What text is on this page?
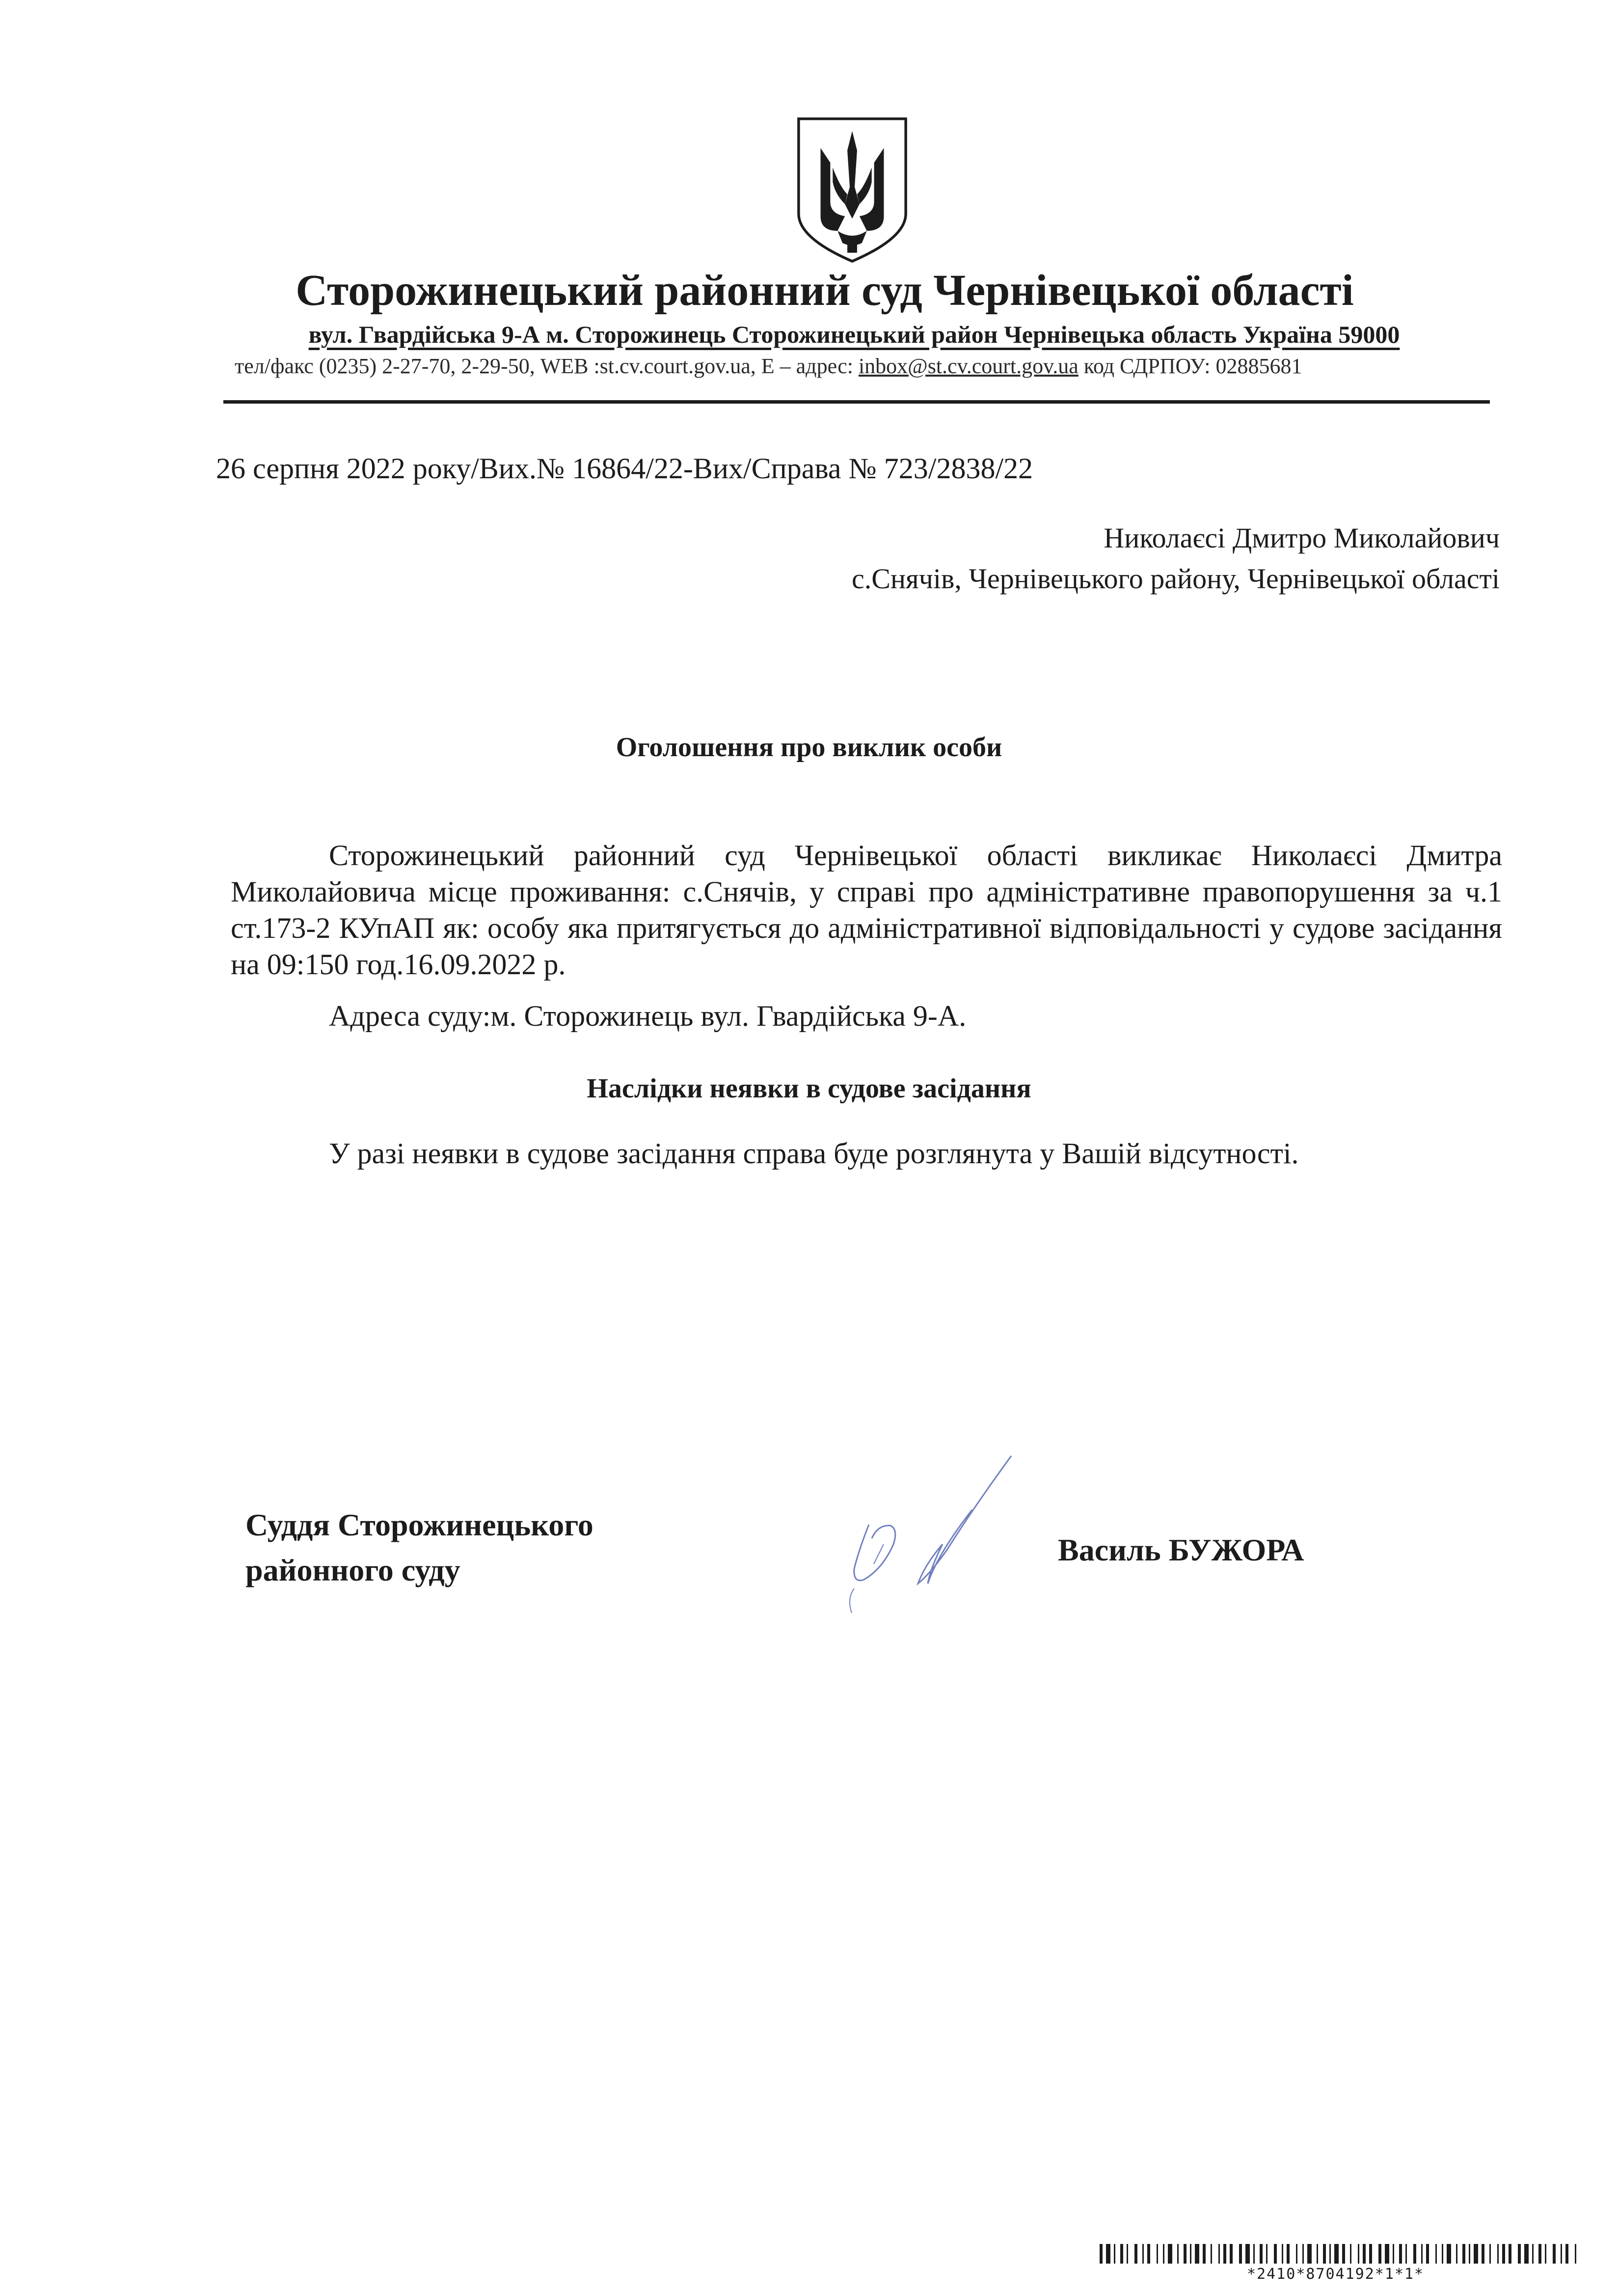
Сторожинецький районний суд Чернівецької області
вул. Гвардійська 9-А м. Сторожинець Сторожинецький район Чернівецька область Україна 59000
тел/факс (0235) 2-27-70, 2-29-50, WEB :st.cv.court.gov.ua, E – адрес: inbox@st.cv.court.gov.ua код СДРПОУ: 02885681
26 серпня 2022 року/Вих.№ 16864/22-Вих/Справа № 723/2838/22
Николаєсі Дмитро Миколайович
с.Снячів, Чернівецького району, Чернівецької області
Оголошення про виклик особи
Сторожинецький районний суд Чернівецької області викликає Николаєсі Дмитра Миколайовича місце проживання: с.Снячів, у справі про адміністративне правопорушення за ч.1 ст.173-2 КУпАП як: особу яка притягується до адміністративної відповідальності у судове засідання на 09:150 год.16.09.2022 р.
Адреса суду:м. Сторожинець вул. Гвардійська 9-А.
Наслідки неявки в судове засідання
У разі неявки в судове засідання справа буде розглянута у Вашій відсутності.
Суддя Сторожинецького
районного суду
Василь БУЖОРА
*2410*8704192*1*1*
